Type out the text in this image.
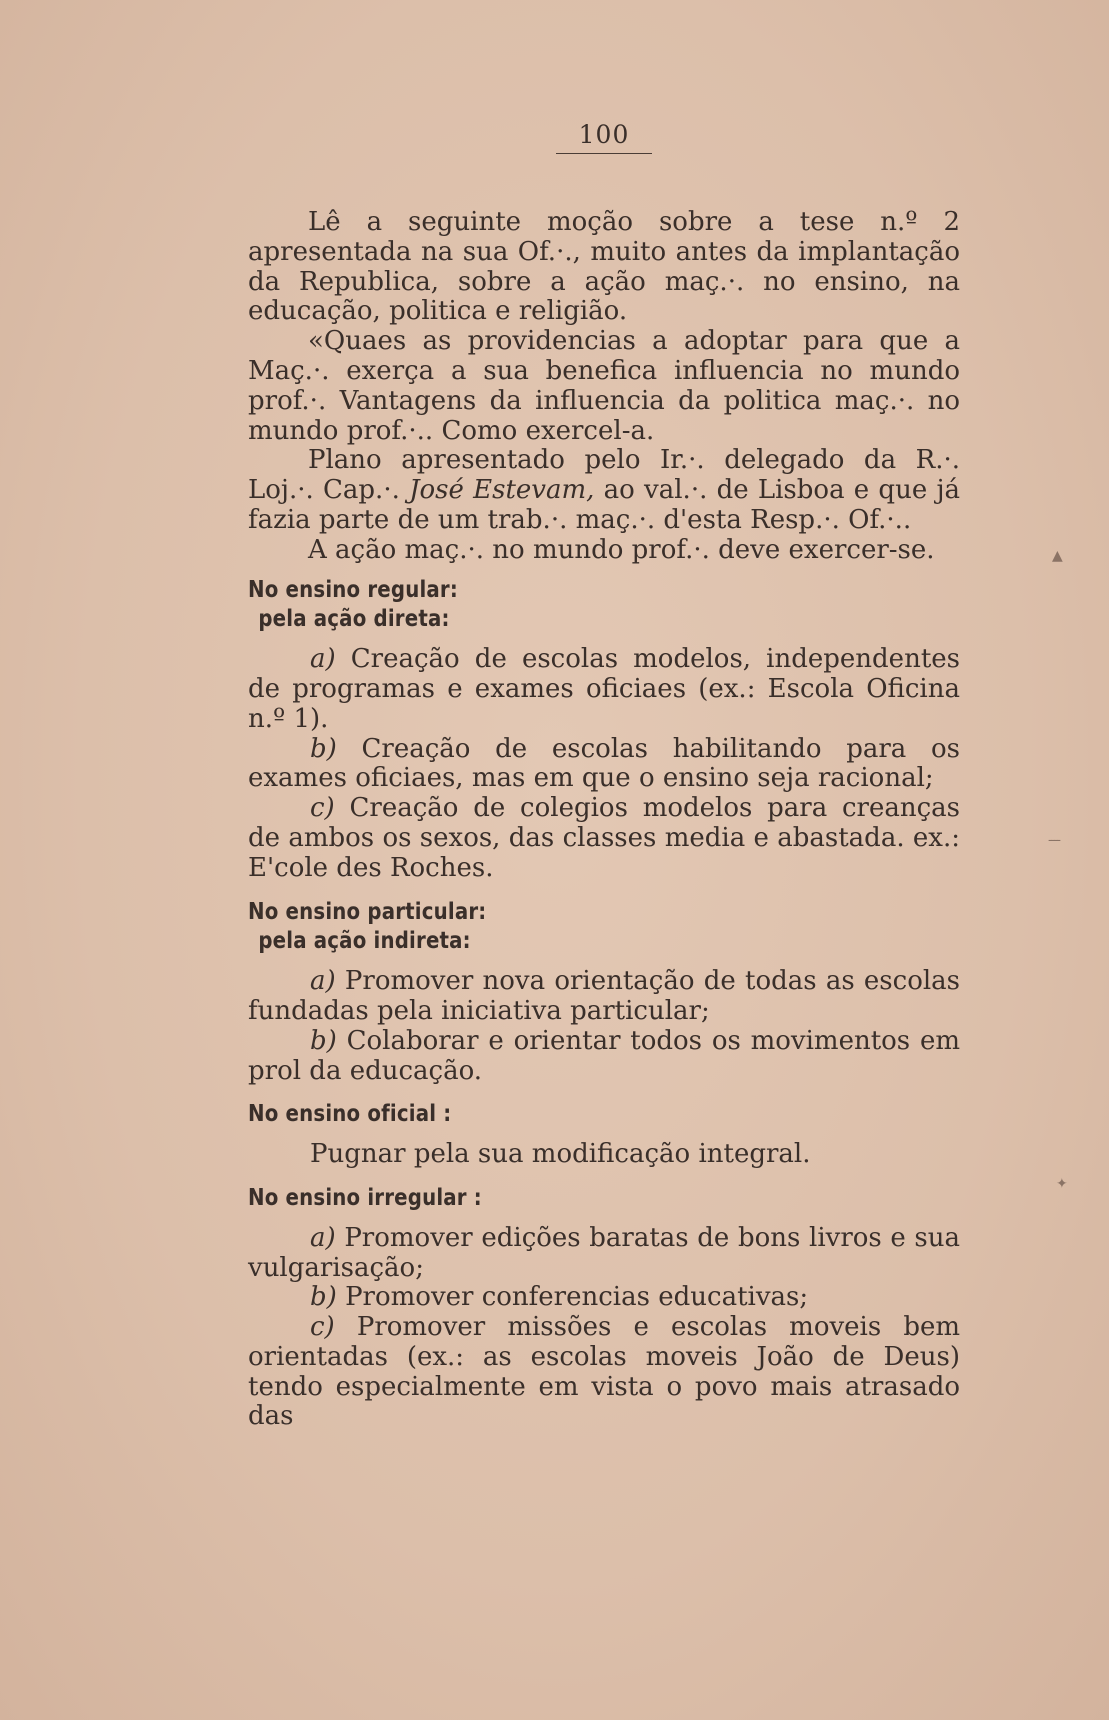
100

Lê a seguinte moção sobre a tese n.º 2 apresentada na sua Of.·., muito antes da implantação da Republica, sobre a ação maç.·. no ensino, na educação, politica e religião.

«Quaes as providencias a adoptar para que a Maç.·. exerça a sua benefica influencia no mundo prof.·. Vantagens da influencia da politica maç.·. no mundo prof.·.. Como exercel-a.

Plano apresentado pelo Ir.·. delegado da R.·. Loj.·. Cap.·. José Estevam, ao val.·. de Lisboa e que já fazia parte de um trab.·. maç.·. d'esta Resp.·. Of.·..

A ação maç.·. no mundo prof.·. deve exercer-se.

No ensino regular:
pela ação direta:

a) Creação de escolas modelos, independentes de programas e exames oficiaes (ex.: Escola Oficina n.º 1).

b) Creação de escolas habilitando para os exames oficiaes, mas em que o ensino seja racional;

c) Creação de colegios modelos para creanças de ambos os sexos, das classes media e abastada. ex.: E'cole des Roches.

No ensino particular:
pela ação indireta:

a) Promover nova orientação de todas as escolas fundadas pela iniciativa particular;

b) Colaborar e orientar todos os movimentos em prol da educação.

No ensino oficial :

Pugnar pela sua modificação integral.

No ensino irregular :

a) Promover edições baratas de bons livros e sua vulgarisação;

b) Promover conferencias educativas;

c) Promover missões e escolas moveis bem orientadas (ex.: as escolas moveis João de Deus) tendo especialmente em vista o povo mais atrasado das

▲
‐‐‐‐
✦
